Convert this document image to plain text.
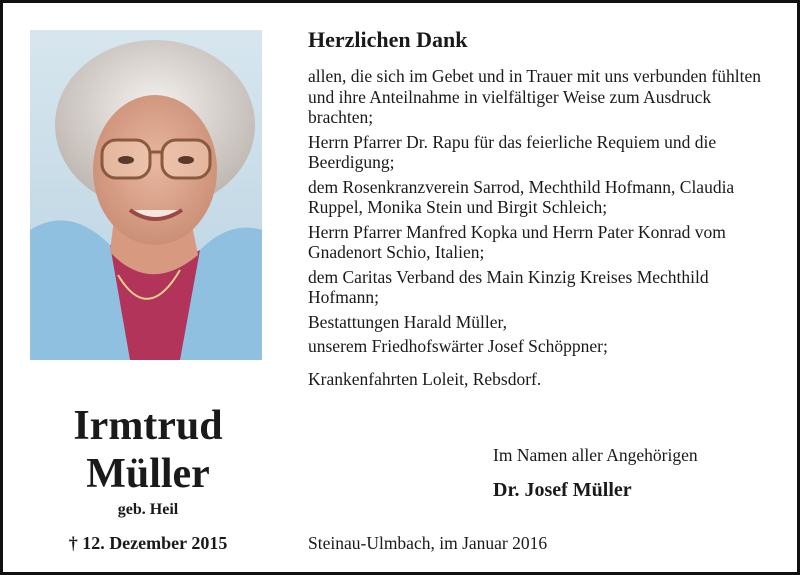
Irmtrud
Müller
geb. Heil
† 12. Dezember 2015
Herzlichen Dank

allen, die sich im Gebet und in Trauer mit uns verbunden fühlten und ihre Anteilnahme in vielfältiger Weise zum Ausdruck brachten;

Herrn Pfarrer Dr. Rapu für das feierliche Requiem und die Beerdigung;

dem Rosenkranzverein Sarrod, Mechthild Hofmann, Claudia Ruppel, Monika Stein und Birgit Schleich;

Herrn Pfarrer Manfred Kopka und Herrn Pater Konrad vom Gnadenort Schio, Italien;

dem Caritas Verband des Main Kinzig Kreises Mechthild Hofmann;

Bestattungen Harald Müller,

unserem Friedhofswärter Josef Schöppner;

Krankenfahrten Loleit, Rebsdorf.

Im Namen aller Angehörigen
Dr. Josef Müller
Steinau-Ulmbach, im Januar 2016
